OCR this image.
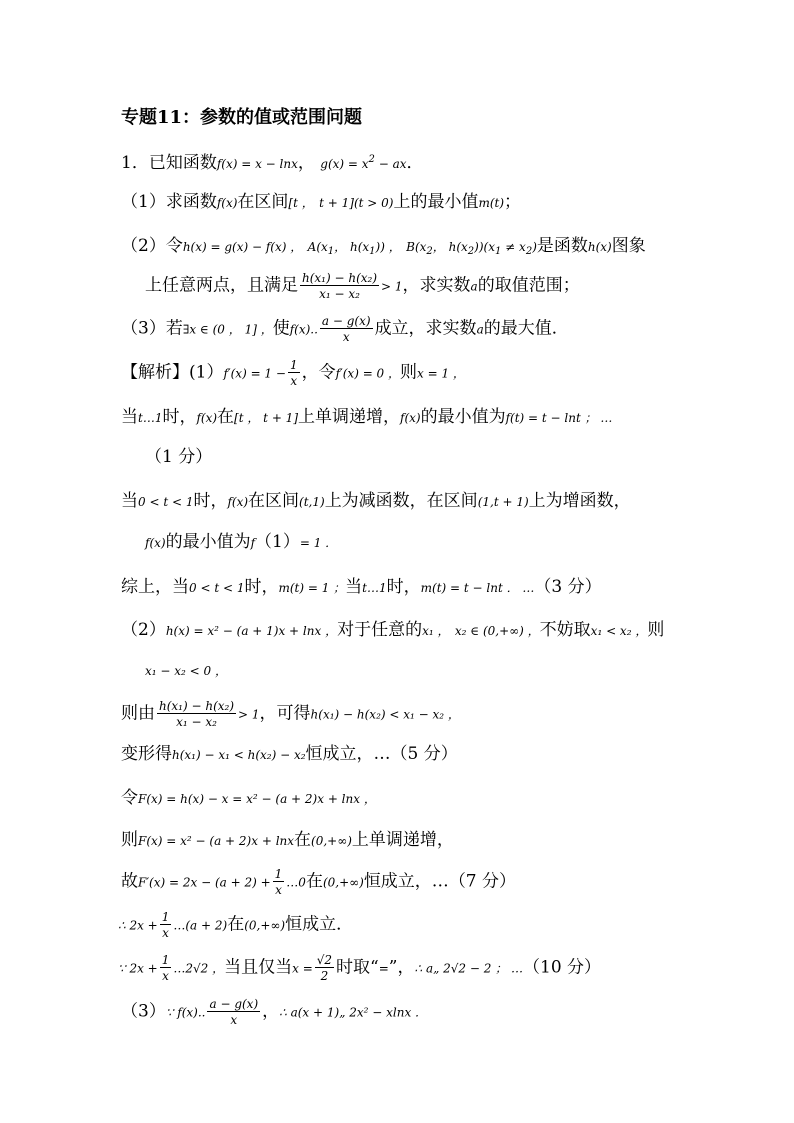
专题11：参数的值或范围问题
1．已知函数f(x) = x − lnx， $g(x) = x^2$ − ax．
（1）求函数f(x)在区间[t ， t + 1](t > 0)上的最小值m(t)；
（2）令h(x) = g(x) − f(x) ， $A(x_1$， $h(x_1)$) ， $B(x_2$， $h(x_2))(x_1 \ne x_2)$是函数h(x)图象
上任意两点，且满足 $\frac{\text{h(x₁) − h(x₂)}}{\text{x₁ − x₂}} > 1$，求实数a的取值范围；
（3）若∃x ∈ (0 ， 1] ，使f(x).. $\frac{a - g(x)}{x}$ 成立，求实数a的最大值．
【解析】$(1)f'(x) = 1 - \frac{1}{x}$ ，令f′(x) = 0 ，则x = 1 ，
当t…1时，f(x)在[t ， t + 1]上单调递增，f(x)的最小值为f(t) = t − lnt ； …
（1 分）
当0 < t < 1时，f(x)在区间(t,1)上为减函数，在区间(1,t + 1)上为增函数，
f(x)的最小值为f（1）= 1 ．
综上，当0 < t < 1时，m(t) = 1 ；当t…1时，m(t) = t − lnt ． …（3 分）
（2）h(x) = x² − (a + 1)x + lnx ，对于任意的x₁ ， x₂ ∈ (0,+∞) ，不妨取x₁ < x₂ ，则
x₁ − x₂ < 0 ，
则由 $\frac{\text{h(x₁) − h(x₂)}}{\text{x₁ − x₂}} > 1$，可得h(x₁) − h(x₂) < x₁ − x₂ ，
变形得h(x₁) − x₁ < h(x₂) − x₂恒成立，…（5 分）
令F(x) = h(x) − x = x² − (a + 2)x + lnx ，
则F(x) = x² − (a + 2)x + lnx在(0,+∞)上单调递增，
故$F'(x) = 2x - (a + 2) + \frac{1}{x}$ …0在(0,+∞)恒成立，…（7 分）
∴ $2x + \frac{1}{x}$ …(a + 2)在(0,+∞)恒成立．
∵ $2x + \frac{1}{x}$ …2√2 ，当且仅当$x = \frac{√2}{2}$ 时取“=”，∴ a„ 2√2 − 2 ； …（10 分）
（3）∵ f(x).. $\frac{a - g(x)}{x}$ ，∴ a(x + 1)„ 2x² − xlnx ．
